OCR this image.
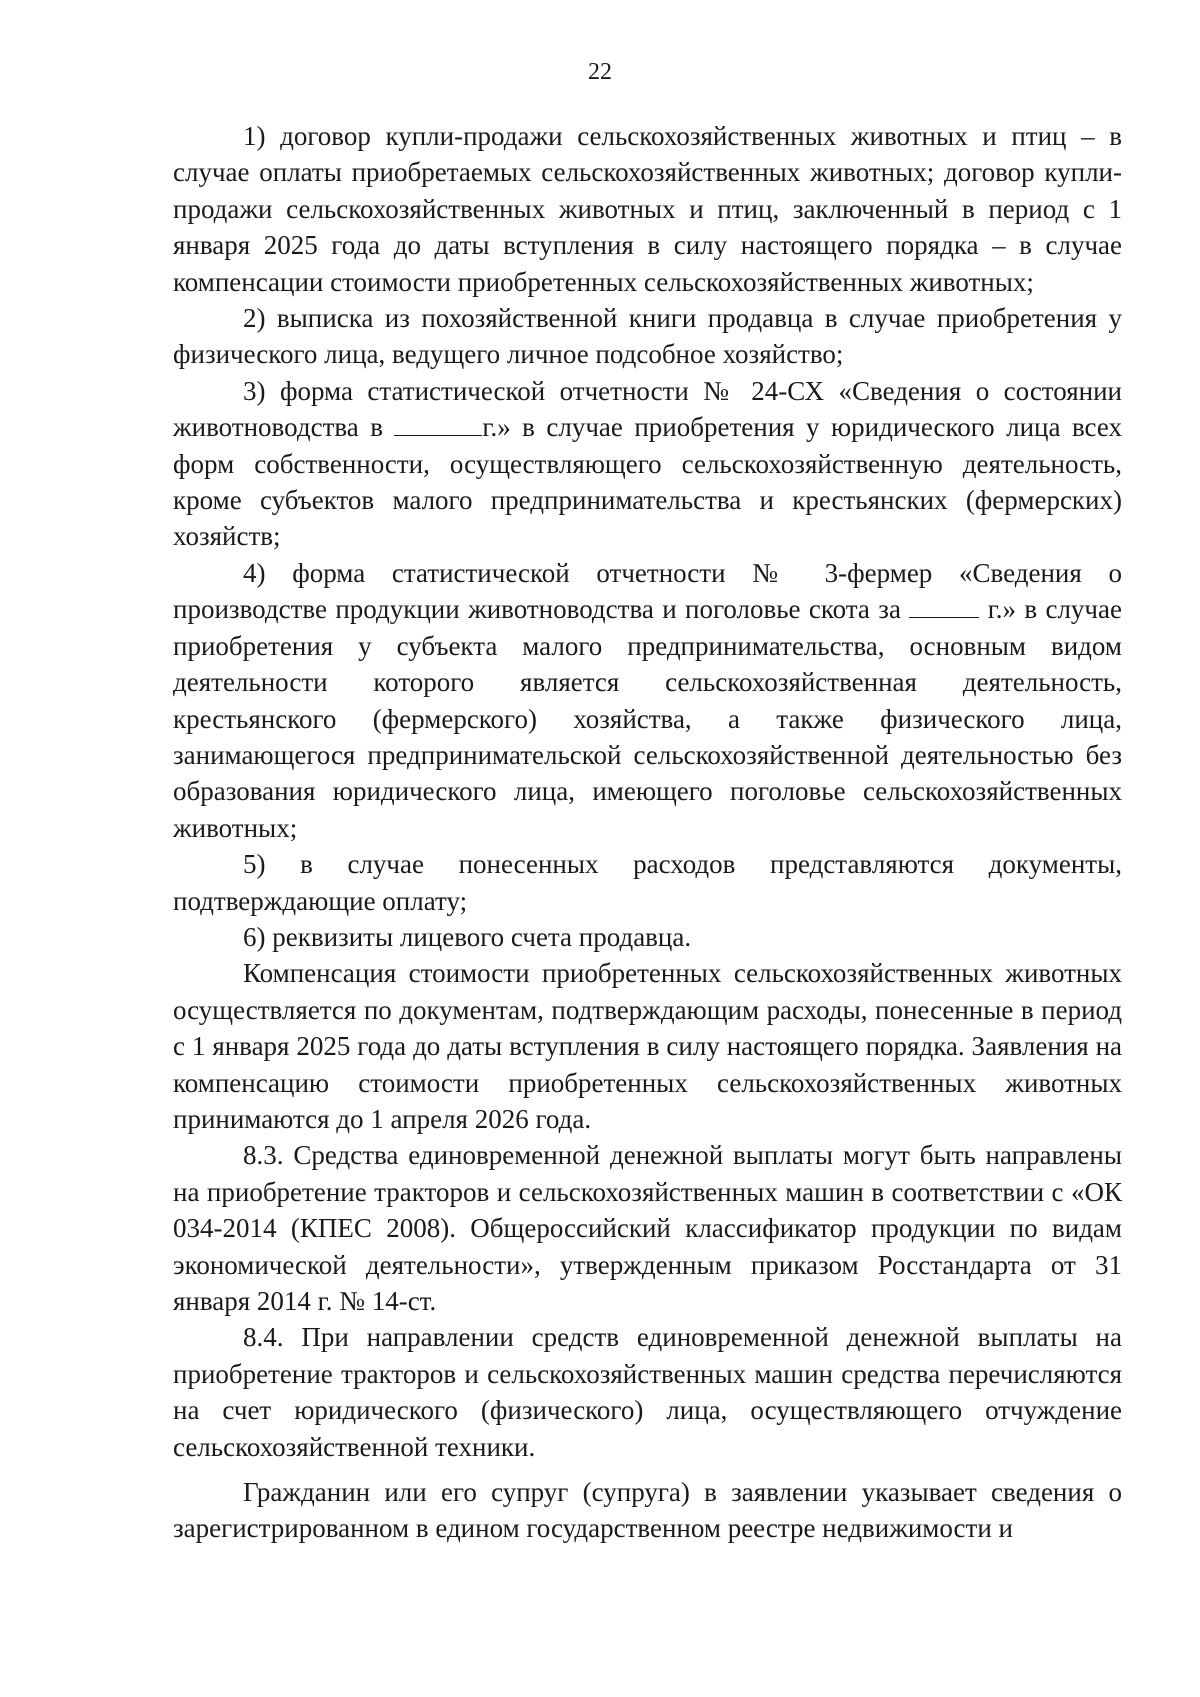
22

1) договор купли-продажи сельскохозяйственных животных и птиц – в случае оплаты приобретаемых сельскохозяйственных животных; договор купли-продажи сельскохозяйственных животных и птиц, заключенный в период с 1 января 2025 года до даты вступления в силу настоящего порядка – в случае компенсации стоимости приобретенных сельскохозяйственных животных;

2) выписка из похозяйственной книги продавца в случае приобретения у физического лица, ведущего личное подсобное хозяйство;

3) форма статистической отчетности № 24-СХ «Сведения о состоянии животноводства в	г.» в случае приобретения у юридического лица всех форм собственности, осуществляющего сельскохозяйственную деятельность, кроме субъектов малого предпринимательства и крестьянских (фермерских) хозяйств;

4) форма статистической отчетности № 3-фермер «Сведения о производстве продукции животноводства и поголовье скота за	г.» в случае приобретения у субъекта малого предпринимательства, основным видом деятельности которого является сельскохозяйственная деятельность, крестьянского (фермерского) хозяйства, а также физического лица, занимающегося предпринимательской сельскохозяйственной деятельностью без образования юридического лица, имеющего поголовье сельскохозяйственных животных;

5) в случае понесенных расходов представляются документы, подтверждающие оплату;

6) реквизиты лицевого счета продавца.

Компенсация стоимости приобретенных сельскохозяйственных животных осуществляется по документам, подтверждающим расходы, понесенные в период с 1 января 2025 года до даты вступления в силу настоящего порядка. Заявления на компенсацию стоимости приобретенных сельскохозяйственных животных принимаются до 1 апреля 2026 года.

8.3. Средства единовременной денежной выплаты могут быть направлены на приобретение тракторов и сельскохозяйственных машин в соответствии с «ОК 034-2014 (КПЕС 2008). Общероссийский классификатор продукции по видам экономической деятельности», утвержденным приказом Росстандарта от 31 января 2014 г. № 14-ст.

8.4. При направлении средств единовременной денежной выплаты на приобретение тракторов и сельскохозяйственных машин средства перечисляются на счет юридического (физического) лица, осуществляющего отчуждение сельскохозяйственной техники.

Гражданин или его супруг (супруга) в заявлении указывает сведения о зарегистрированном в едином государственном реестре недвижимости и
